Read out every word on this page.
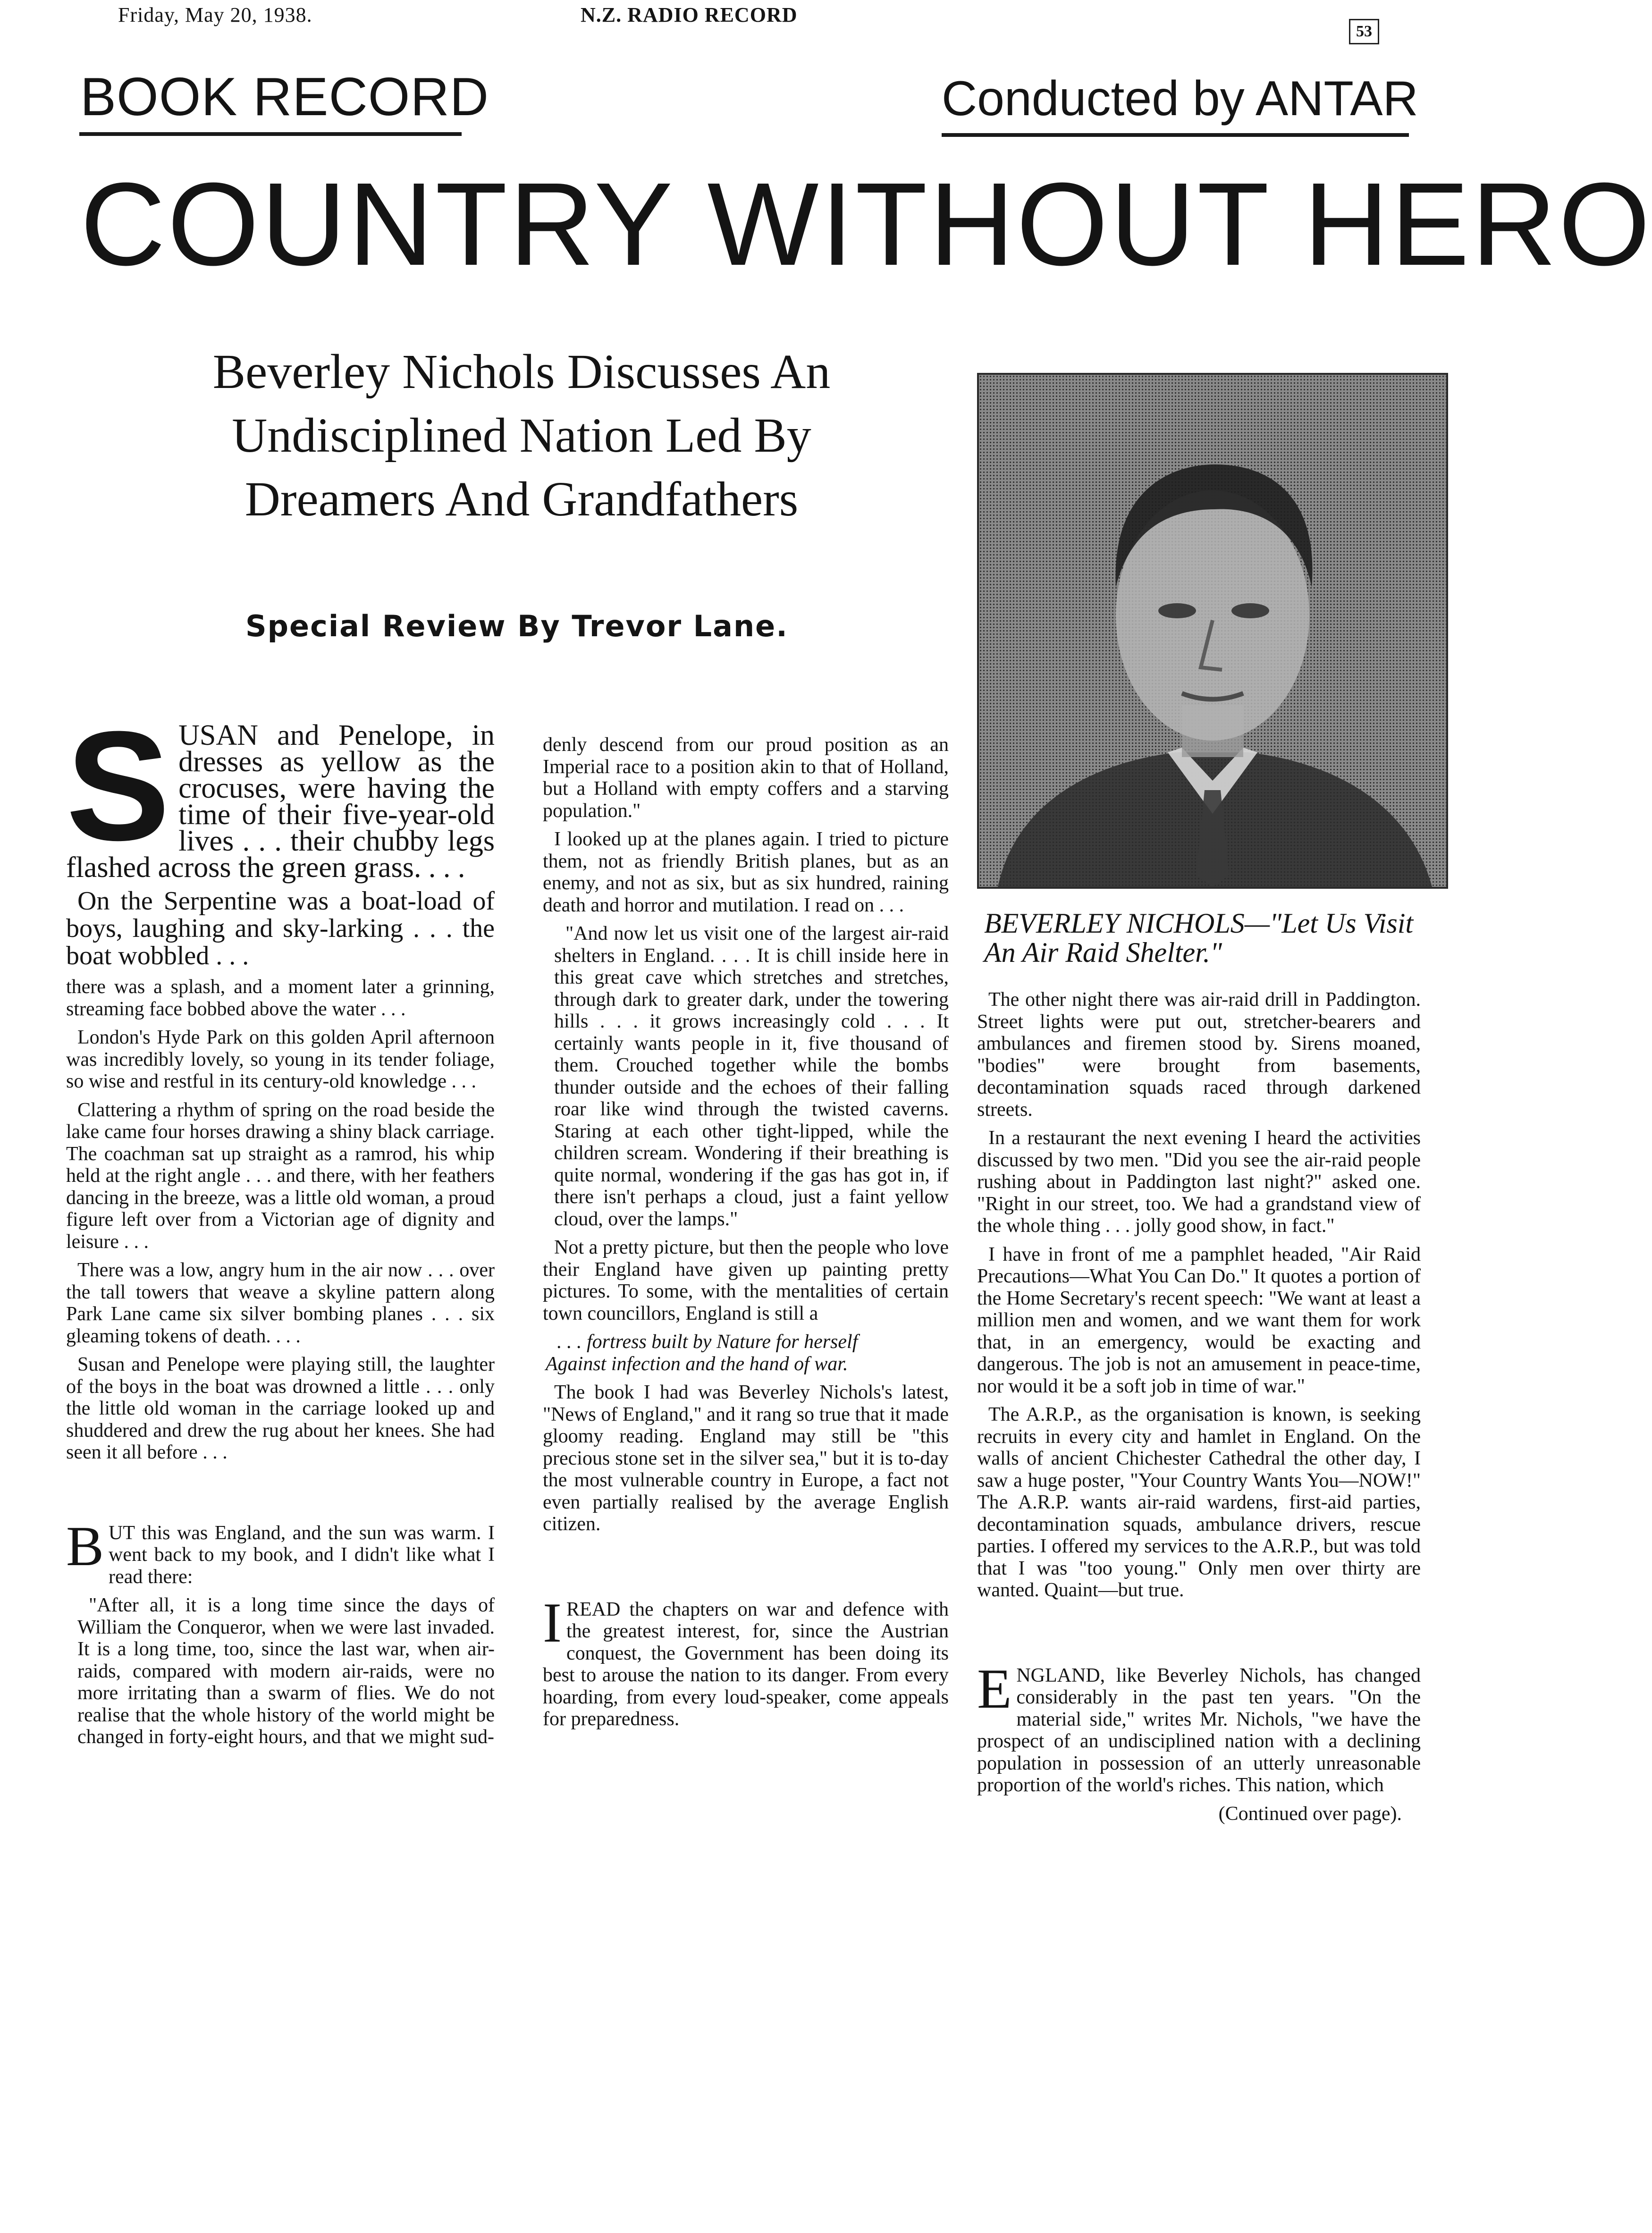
Friday, May 20, 1938.	N.Z. RADIO RECORD
53
BOOK RECORD	Conducted by ANTAR
COUNTRY WITHOUT HERO
Beverley Nichols Discusses An
Undisciplined Nation Led By
Dreamers And Grandfathers
Special Review By Trevor Lane.
BEVERLEY NICHOLS—"Let Us Visit An Air Raid Shelter."

SUSAN and Penelope, in dresses as yellow as the crocuses, were having the time of their five-year-old lives . . . their chubby legs flashed across the green grass. . . .

On the Serpentine was a boat-load of boys, laughing and sky-larking . . . the boat wobbled . . .

there was a splash, and a moment later a grinning, streaming face bobbed above the water . . .

London's Hyde Park on this golden April afternoon was incredibly lovely, so young in its tender foliage, so wise and restful in its century-old knowledge . . .

Clattering a rhythm of spring on the road beside the lake came four horses drawing a shiny black carriage. The coachman sat up straight as a ramrod, his whip held at the right angle . . . and there, with her feathers dancing in the breeze, was a little old woman, a proud figure left over from a Victorian age of dignity and leisure . . .

There was a low, angry hum in the air now . . . over the tall towers that weave a skyline pattern along Park Lane came six silver bombing planes . . . six gleaming tokens of death. . . .

Susan and Penelope were playing still, the laughter of the boys in the boat was drowned a little . . . only the little old woman in the carriage looked up and shuddered and drew the rug about her knees. She had seen it all before . . .

BUT this was England, and the sun was warm. I went back to my book, and I didn't like what I read there:

"After all, it is a long time since the days of William the Conqueror, when we were last invaded. It is a long time, too, since the last war, when air-raids, compared with modern air-raids, were no more irritating than a swarm of flies. We do not realise that the whole history of the world might be changed in forty-eight hours, and that we might sud-

denly descend from our proud position as an Imperial race to a position akin to that of Holland, but a Holland with empty coffers and a starving population."

I looked up at the planes again. I tried to picture them, not as friendly British planes, but as an enemy, and not as six, but as six hundred, raining death and horror and mutilation. I read on . . .

"And now let us visit one of the largest air-raid shelters in England. . . . It is chill inside here in this great cave which stretches and stretches, through dark to greater dark, under the towering hills . . . it grows increasingly cold . . . It certainly wants people in it, five thousand of them. Crouched together while the bombs thunder outside and the echoes of their falling roar like wind through the twisted caverns. Staring at each other tight-lipped, while the children scream. Wondering if their breathing is quite normal, wondering if the gas has got in, if there isn't perhaps a cloud, just a faint yellow cloud, over the lamps."

Not a pretty picture, but then the people who love their England have given up painting pretty pictures. To some, with the mentalities of certain town councillors, England is still a

. . . fortress built by Nature for herself

Against infection and the hand of war.

The book I had was Beverley Nichols's latest, "News of England," and it rang so true that it made gloomy reading. England may still be "this precious stone set in the silver sea," but it is to-day the most vulnerable country in Europe, a fact not even partially realised by the average English citizen.

IREAD the chapters on war and defence with the greatest interest, for, since the Austrian conquest, the Government has been doing its best to arouse the nation to its danger. From every hoarding, from every loud-speaker, come appeals for preparedness.

The other night there was air-raid drill in Paddington. Street lights were put out, stretcher-bearers and ambulances and firemen stood by. Sirens moaned, "bodies" were brought from basements, decontamination squads raced through darkened streets.

In a restaurant the next evening I heard the activities discussed by two men. "Did you see the air-raid people rushing about in Paddington last night?" asked one. "Right in our street, too. We had a grandstand view of the whole thing . . . jolly good show, in fact."

I have in front of me a pamphlet headed, "Air Raid Precautions—What You Can Do." It quotes a portion of the Home Secretary's recent speech: "We want at least a million men and women, and we want them for work that, in an emergency, would be exacting and dangerous. The job is not an amusement in peace-time, nor would it be a soft job in time of war."

The A.R.P., as the organisation is known, is seeking recruits in every city and hamlet in England. On the walls of ancient Chichester Cathedral the other day, I saw a huge poster, "Your Country Wants You—NOW!" The A.R.P. wants air-raid wardens, first-aid parties, decontamination squads, ambulance drivers, rescue parties. I offered my services to the A.R.P., but was told that I was "too young." Only men over thirty are wanted. Quaint—but true.

ENGLAND, like Beverley Nichols, has changed considerably in the past ten years. "On the material side," writes Mr. Nichols, "we have the prospect of an undisciplined nation with a declining population in possession of an utterly unreasonable proportion of the world's riches. This nation, which

(Continued over page).
